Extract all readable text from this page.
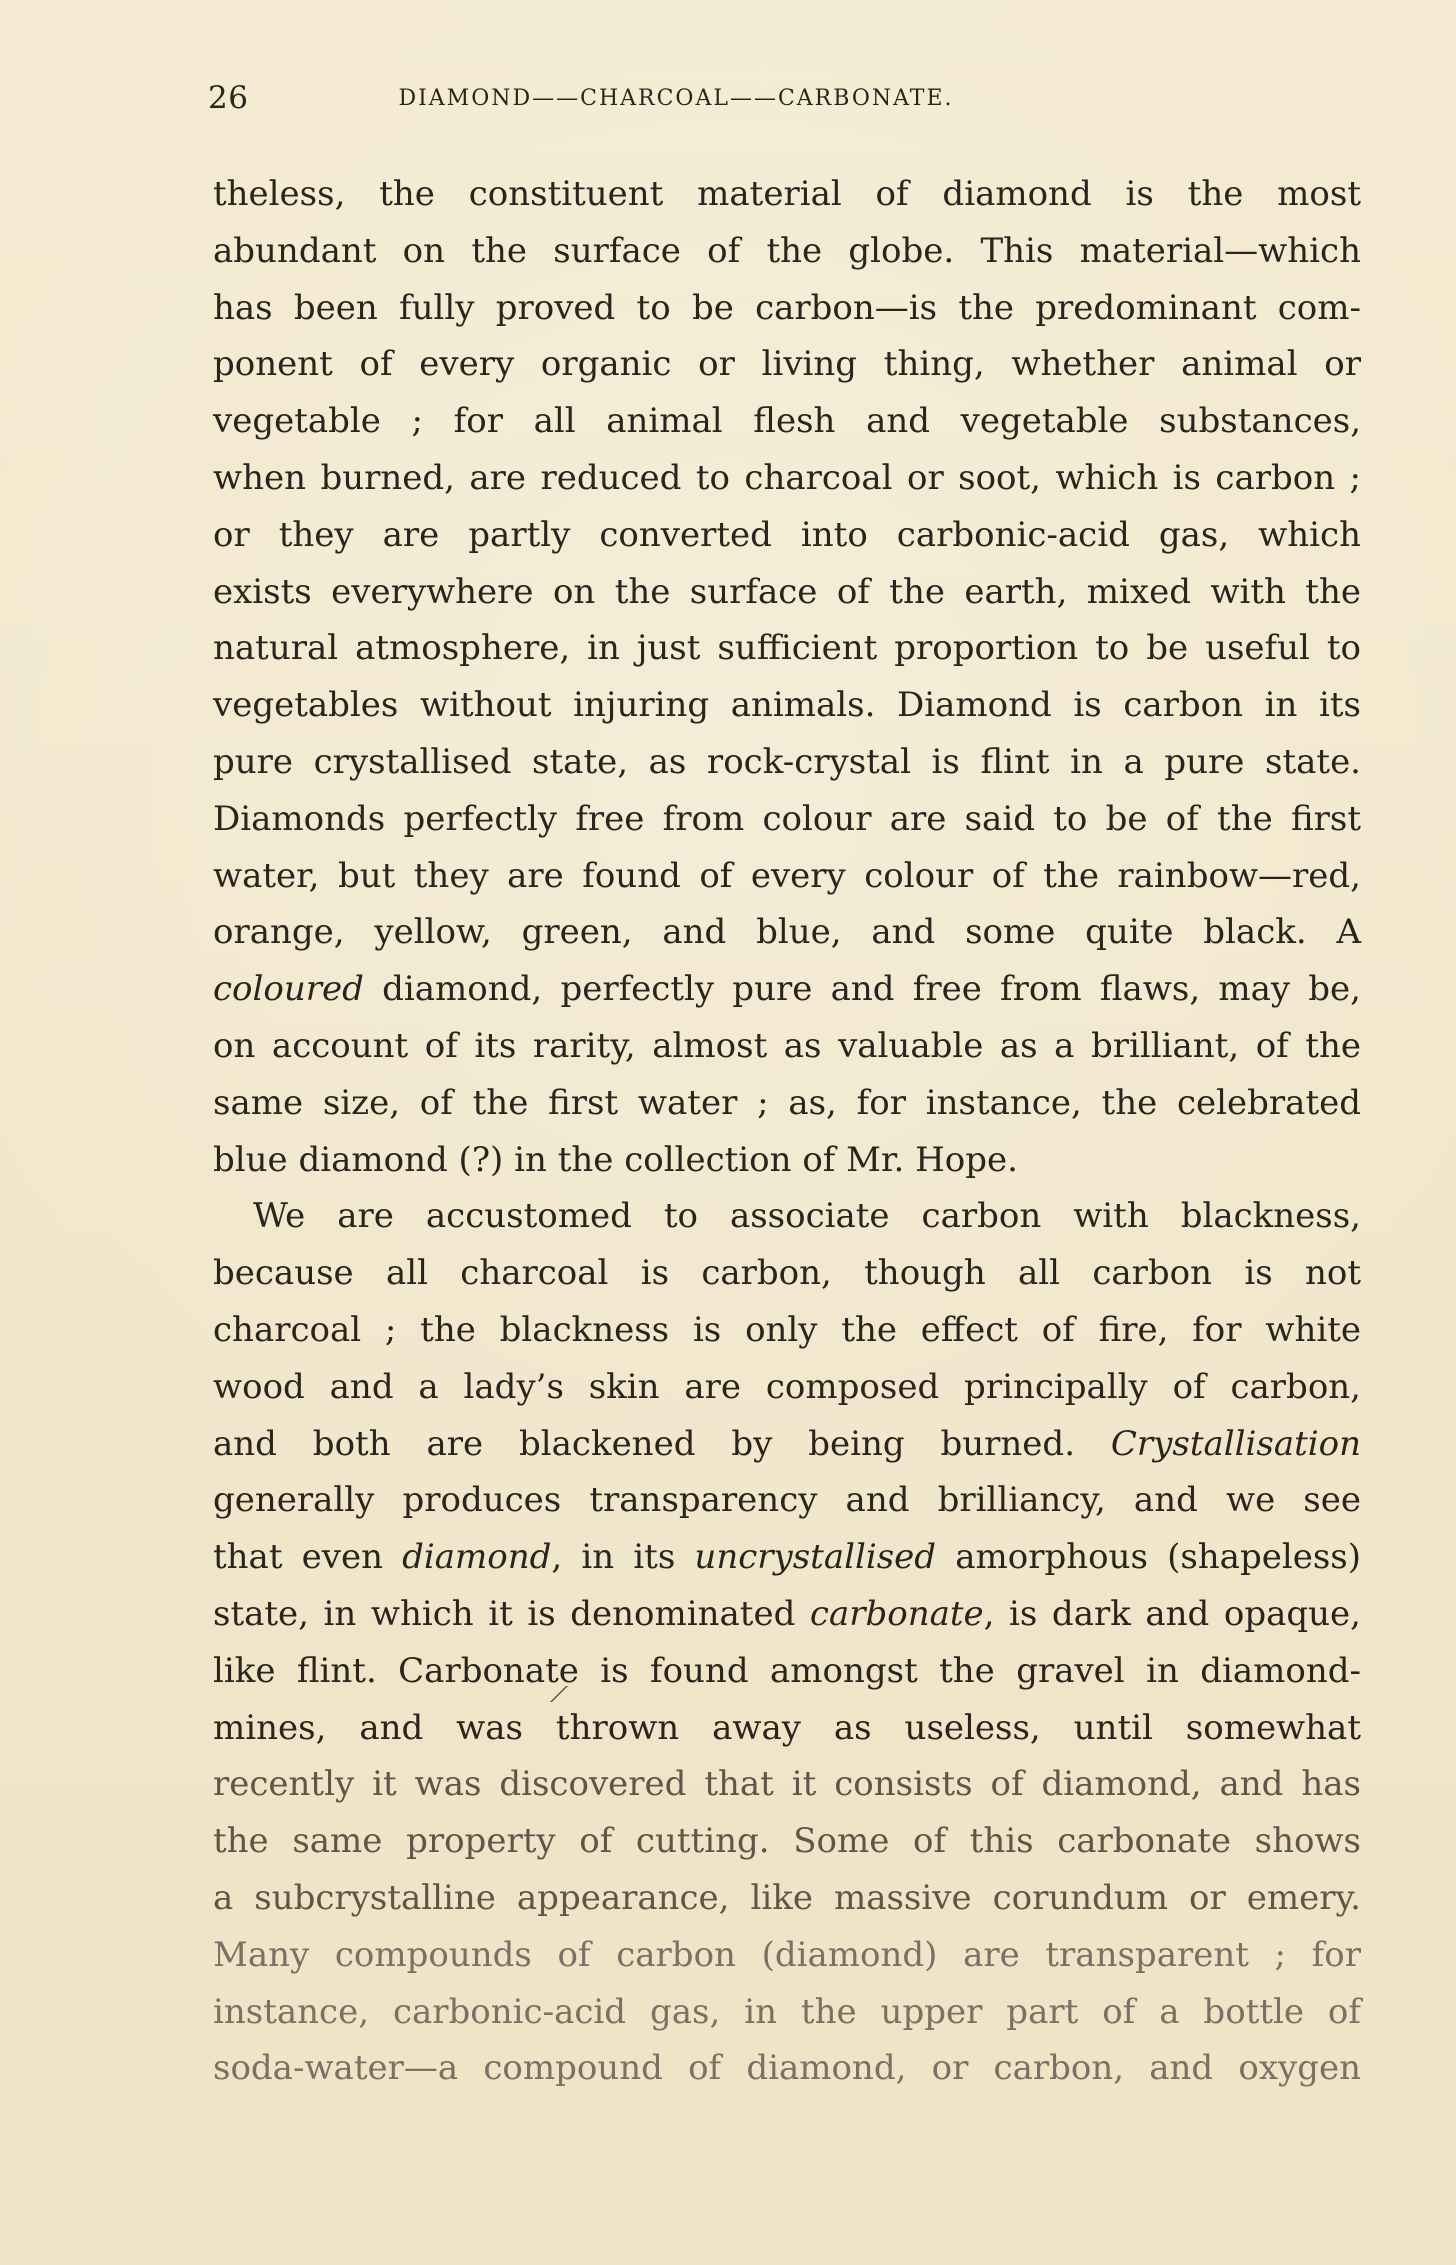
26	DIAMOND——CHARCOAL——CARBONATE.
theless, the constituent material of diamond is the most
abundant on the surface of the globe. This material—which
has been fully proved to be carbon—is the predominant com-
ponent of every organic or living thing, whether animal or
vegetable ; for all animal flesh and vegetable substances,
when burned, are reduced to charcoal or soot, which is carbon ;
or they are partly converted into carbonic-acid gas, which
exists everywhere on the surface of the earth, mixed with the
natural atmosphere, in just sufficient proportion to be useful to
vegetables without injuring animals. Diamond is carbon in its
pure crystallised state, as rock-crystal is flint in a pure state.
Diamonds perfectly free from colour are said to be of the first
water, but they are found of every colour of the rainbow—red,
orange, yellow, green, and blue, and some quite black. A
coloured diamond, perfectly pure and free from flaws, may be,
on account of its rarity, almost as valuable as a brilliant, of the
same size, of the first water ; as, for instance, the celebrated
blue diamond (?) in the collection of Mr. Hope.
We are accustomed to associate carbon with blackness,
because all charcoal is carbon, though all carbon is not
charcoal ; the blackness is only the effect of fire, for white
wood and a lady’s skin are composed principally of carbon,
and both are blackened by being burned. Crystallisation
generally produces transparency and brilliancy, and we see
that even diamond, in its uncrystallised amorphous (shapeless)
state, in which it is denominated carbonate, is dark and opaque,
like flint. Carbonate is found amongst the gravel in diamond-
mines, and was thrown away as useless, until somewhat
recently it was discovered that it consists of diamond, and has
the same property of cutting. Some of this carbonate shows
a subcrystalline appearance, like massive corundum or emery.
Many compounds of carbon (diamond) are transparent ; for
instance, carbonic-acid gas, in the upper part of a bottle of
soda-water—a compound of diamond, or carbon, and oxygen
